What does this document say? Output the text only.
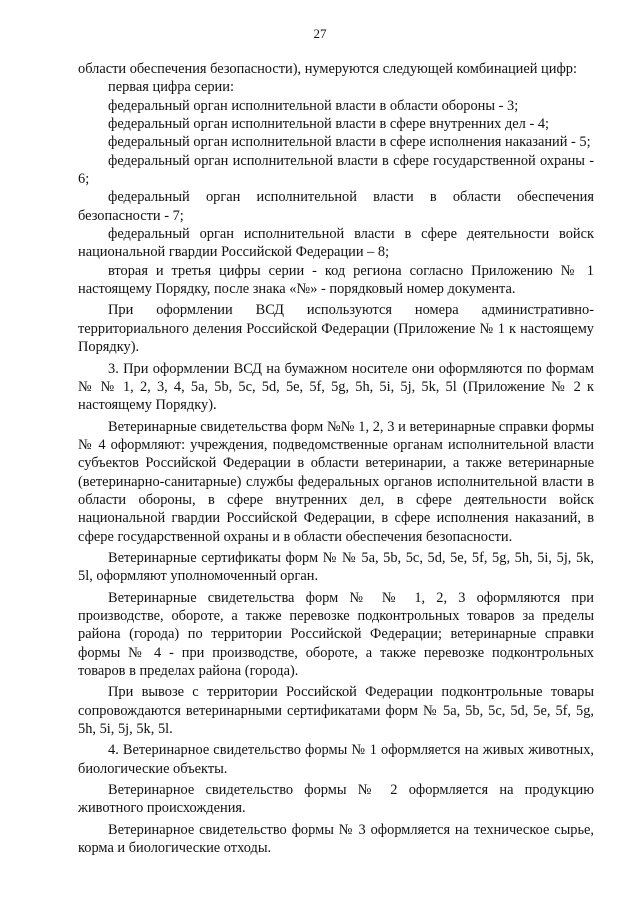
27

области обеспечения безопасности), нумеруются следующей комбинацией цифр:

первая цифра серии:

федеральный орган исполнительной власти в области обороны - 3;

федеральный орган исполнительной власти в сфере внутренних дел - 4;

федеральный орган исполнительной власти в сфере исполнения наказаний - 5;

федеральный орган исполнительной власти в сфере государственной охраны - 6;

федеральный орган исполнительной власти в области обеспечения безопасности - 7;

федеральный орган исполнительной власти в сфере деятельности войск национальной гвардии Российской Федерации – 8;

вторая и третья цифры серии - код региона согласно Приложению № 1 настоящему Порядку, после знака «№» - порядковый номер документа.

При оформлении ВСД используются номера административно-территориального деления Российской Федерации (Приложение № 1 к настоящему Порядку).

3. При оформлении ВСД на бумажном носителе они оформляются по формам № № 1, 2, 3, 4, 5a, 5b, 5c, 5d, 5e, 5f, 5g, 5h, 5i, 5j, 5k, 5l (Приложение № 2 к настоящему Порядку).

Ветеринарные свидетельства форм №№ 1, 2, 3 и ветеринарные справки формы № 4 оформляют: учреждения, подведомственные органам исполнительной власти субъектов Российской Федерации в области ветеринарии, а также ветеринарные (ветеринарно-санитарные) службы федеральных органов исполнительной власти в области обороны, в сфере внутренних дел, в сфере деятельности войск национальной гвардии Российской Федерации, в сфере исполнения наказаний, в сфере государственной охраны и в области обеспечения безопасности.

Ветеринарные сертификаты форм № № 5a, 5b, 5c, 5d, 5e, 5f, 5g, 5h, 5i, 5j, 5k, 5l, оформляют уполномоченный орган.

Ветеринарные свидетельства форм № № 1, 2, 3 оформляются при производстве, обороте, а также перевозке подконтрольных товаров за пределы района (города) по территории Российской Федерации; ветеринарные справки формы № 4 - при производстве, обороте, а также перевозке подконтрольных товаров в пределах района (города).

При вывозе с территории Российской Федерации подконтрольные товары сопровождаются ветеринарными сертификатами форм № 5a, 5b, 5c, 5d, 5e, 5f, 5g, 5h, 5i, 5j, 5k, 5l.

4. Ветеринарное свидетельство формы № 1 оформляется на живых животных, биологические объекты.

Ветеринарное свидетельство формы № 2 оформляется на продукцию животного происхождения.

Ветеринарное свидетельство формы № 3 оформляется на техническое сырье, корма и биологические отходы.
